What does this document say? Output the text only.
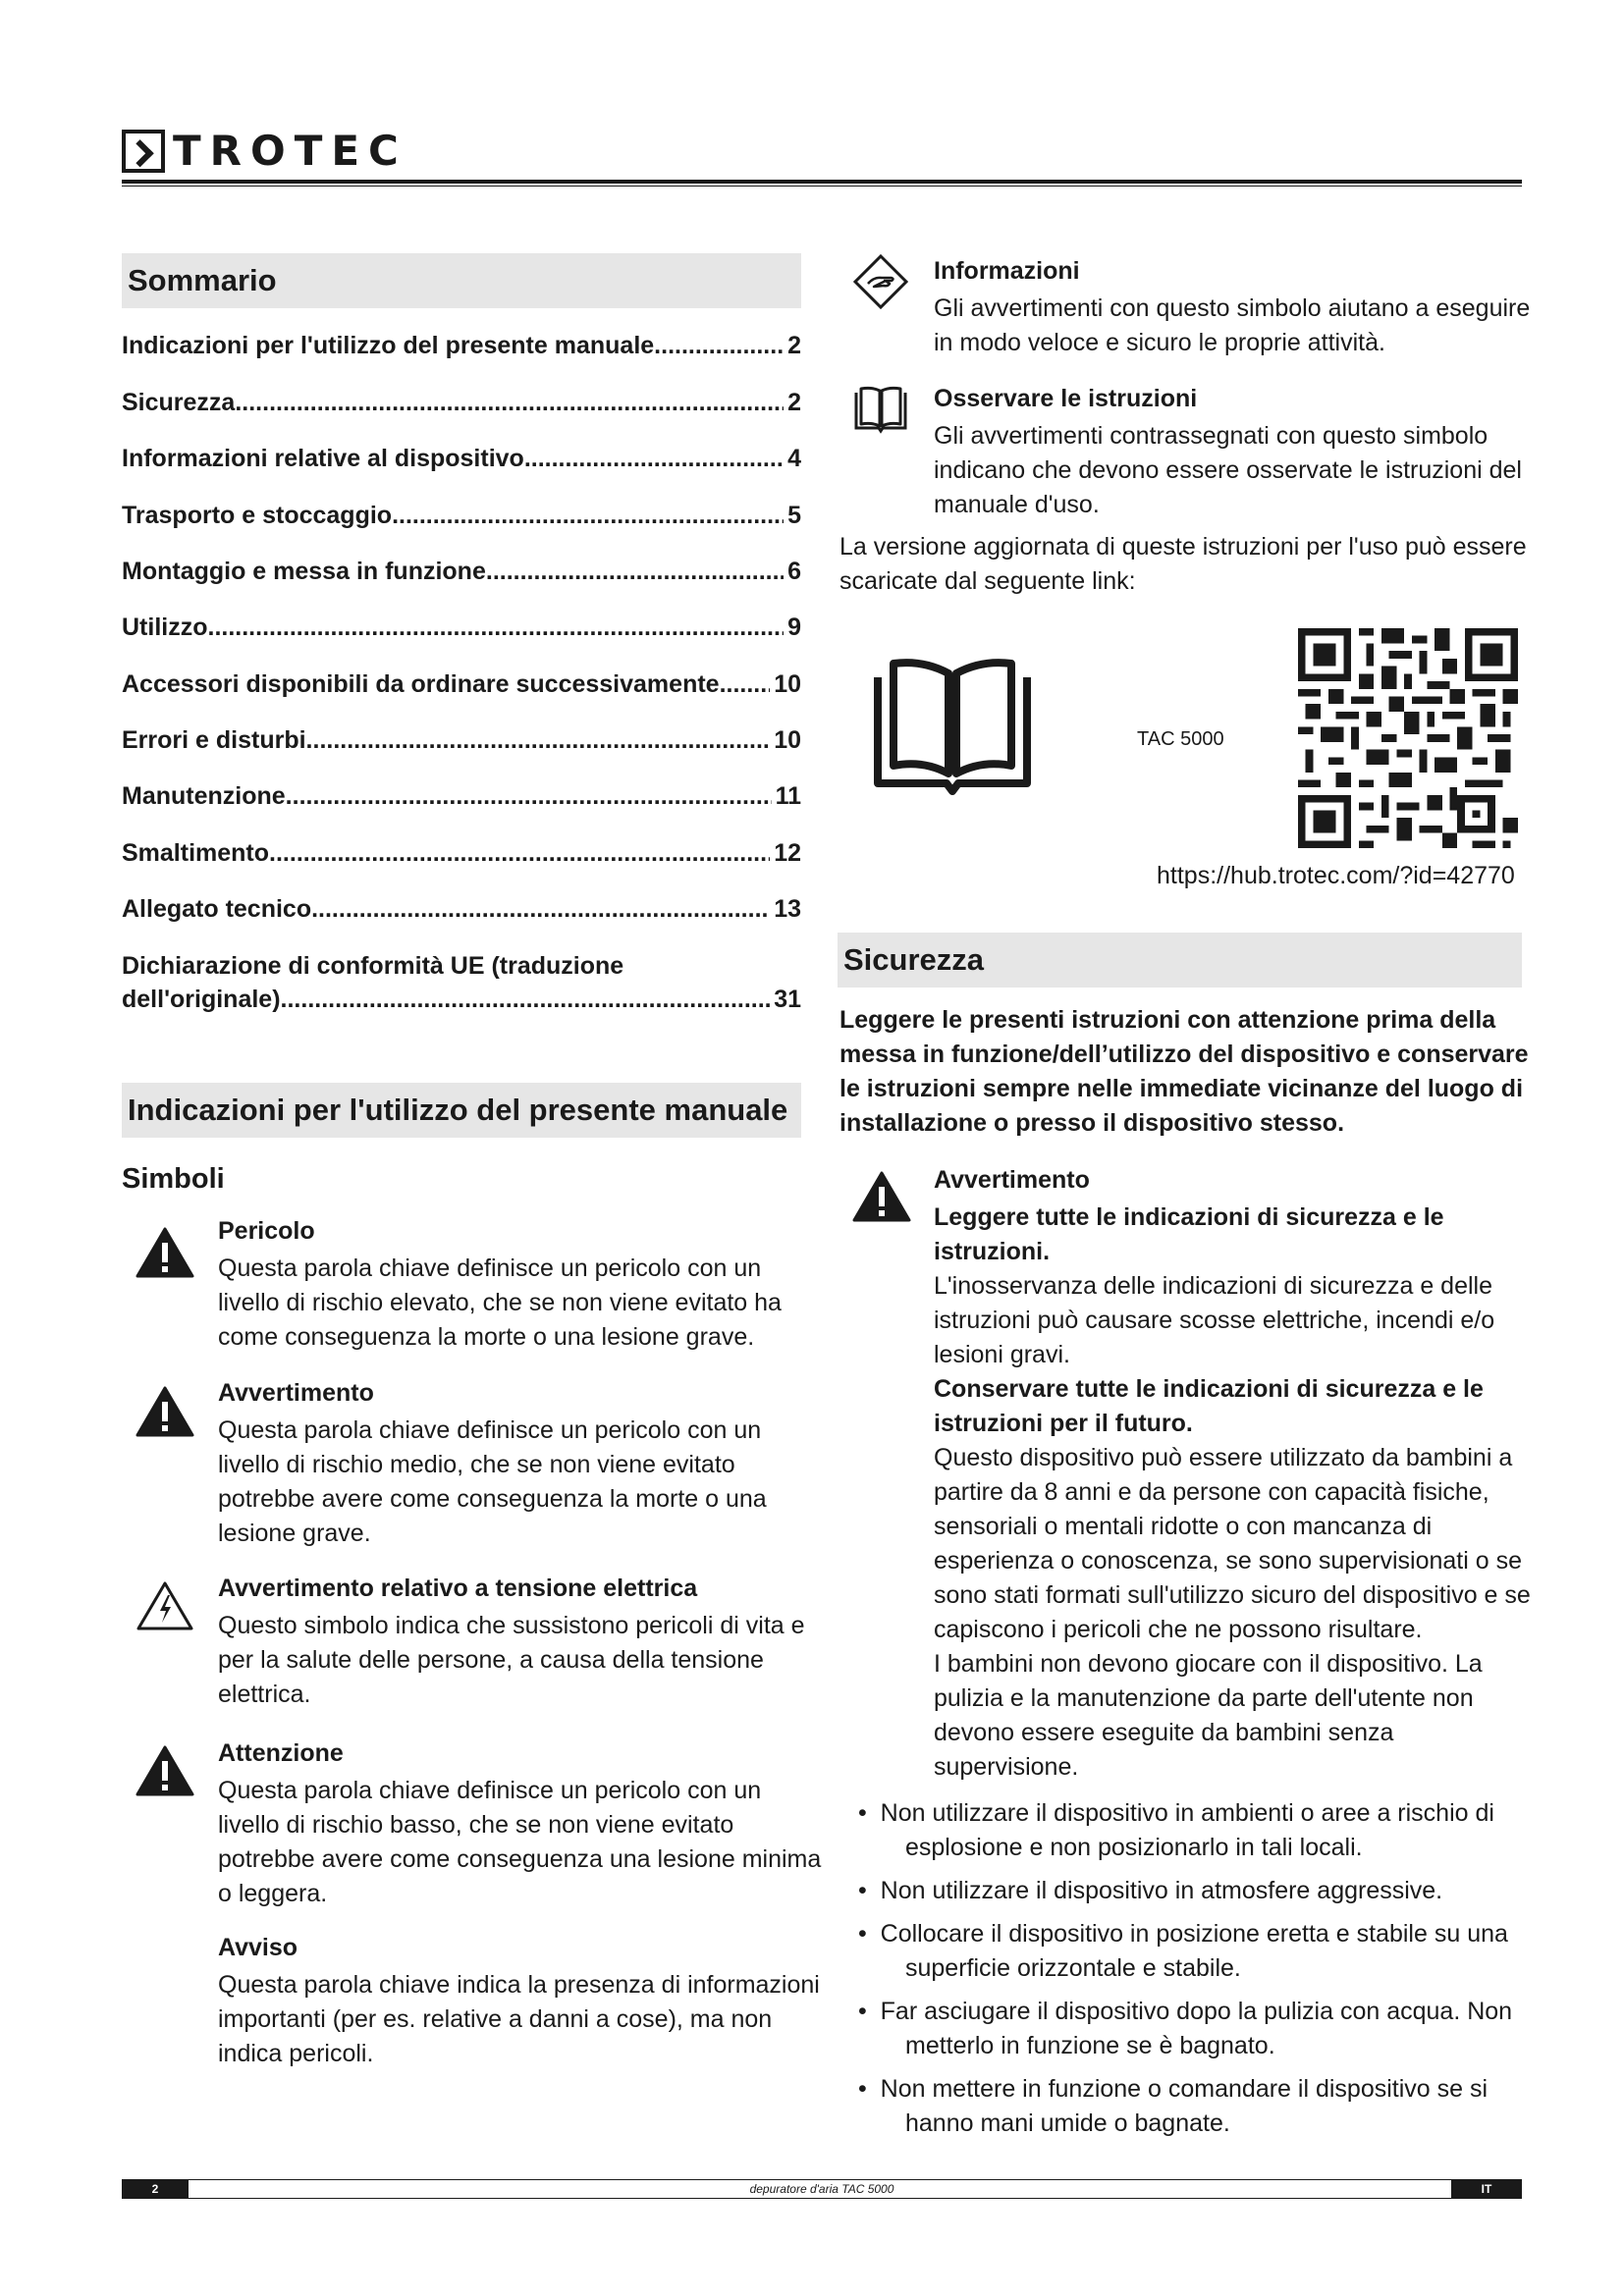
TROTEC
Sommario
Indicazioni per l'utilizzo del presente manuale .....	2
Sicurezza .....	2
Informazioni relative al dispositivo .....	4
Trasporto e stoccaggio .....	5
Montaggio e messa in funzione .....	6
Utilizzo .....	9
Accessori disponibili da ordinare successivamente ..... 10
Errori e disturbi .....	10
Manutenzione .....	11
Smaltimento .....	12
Allegato tecnico .....	13
Dichiarazione di conformità UE (traduzione
dell'originale) .....	31
Indicazioni per l'utilizzo del presente manuale
Simboli
Pericolo
Questa parola chiave definisce un pericolo con un
livello di rischio elevato, che se non viene evitato ha
come conseguenza la morte o una lesione grave.
Avvertimento
Questa parola chiave definisce un pericolo con un
livello di rischio medio, che se non viene evitato
potrebbe avere come conseguenza la morte o una
lesione grave.
Avvertimento relativo a tensione elettrica
Questo simbolo indica che sussistono pericoli di vita e
per la salute delle persone, a causa della tensione
elettrica.
Attenzione
Questa parola chiave definisce un pericolo con un
livello di rischio basso, che se non viene evitato
potrebbe avere come conseguenza una lesione minima
o leggera.
Avviso
Questa parola chiave indica la presenza di informazioni
importanti (per es. relative a danni a cose), ma non
indica pericoli.
Informazioni
Gli avvertimenti con questo simbolo aiutano a eseguire
in modo veloce e sicuro le proprie attività.
Osservare le istruzioni
Gli avvertimenti contrassegnati con questo simbolo
indicano che devono essere osservate le istruzioni del
manuale d'uso.
La versione aggiornata di queste istruzioni per l'uso può essere
scaricate dal seguente link:
TAC 5000
https://hub.trotec.com/?id=42770
Sicurezza
Leggere le presenti istruzioni con attenzione prima della
messa in funzione/dell’utilizzo del dispositivo e conservare
le istruzioni sempre nelle immediate vicinanze del luogo di
installazione o presso il dispositivo stesso.
Avvertimento
Leggere tutte le indicazioni di sicurezza e le
istruzioni.
L'inosservanza delle indicazioni di sicurezza e delle
istruzioni può causare scosse elettriche, incendi e/o
lesioni gravi.
Conservare tutte le indicazioni di sicurezza e le
istruzioni per il futuro.
Questo dispositivo può essere utilizzato da bambini a
partire da 8 anni e da persone con capacità fisiche,
sensoriali o mentali ridotte o con mancanza di
esperienza o conoscenza, se sono supervisionati o se
sono stati formati sull'utilizzo sicuro del dispositivo e se
capiscono i pericoli che ne possono risultare.
I bambini non devono giocare con il dispositivo. La
pulizia e la manutenzione da parte dell'utente non
devono essere eseguite da bambini senza
supervisione.
•  Non utilizzare il dispositivo in ambienti o aree a rischio di
esplosione e non posizionarlo in tali locali.
•  Non utilizzare il dispositivo in atmosfere aggressive.
•  Collocare il dispositivo in posizione eretta e stabile su una
superficie orizzontale e stabile.
•  Far asciugare il dispositivo dopo la pulizia con acqua. Non
metterlo in funzione se è bagnato.
•  Non mettere in funzione o comandare il dispositivo se si
hanno mani umide o bagnate.
2	depuratore d'aria TAC 5000	IT
